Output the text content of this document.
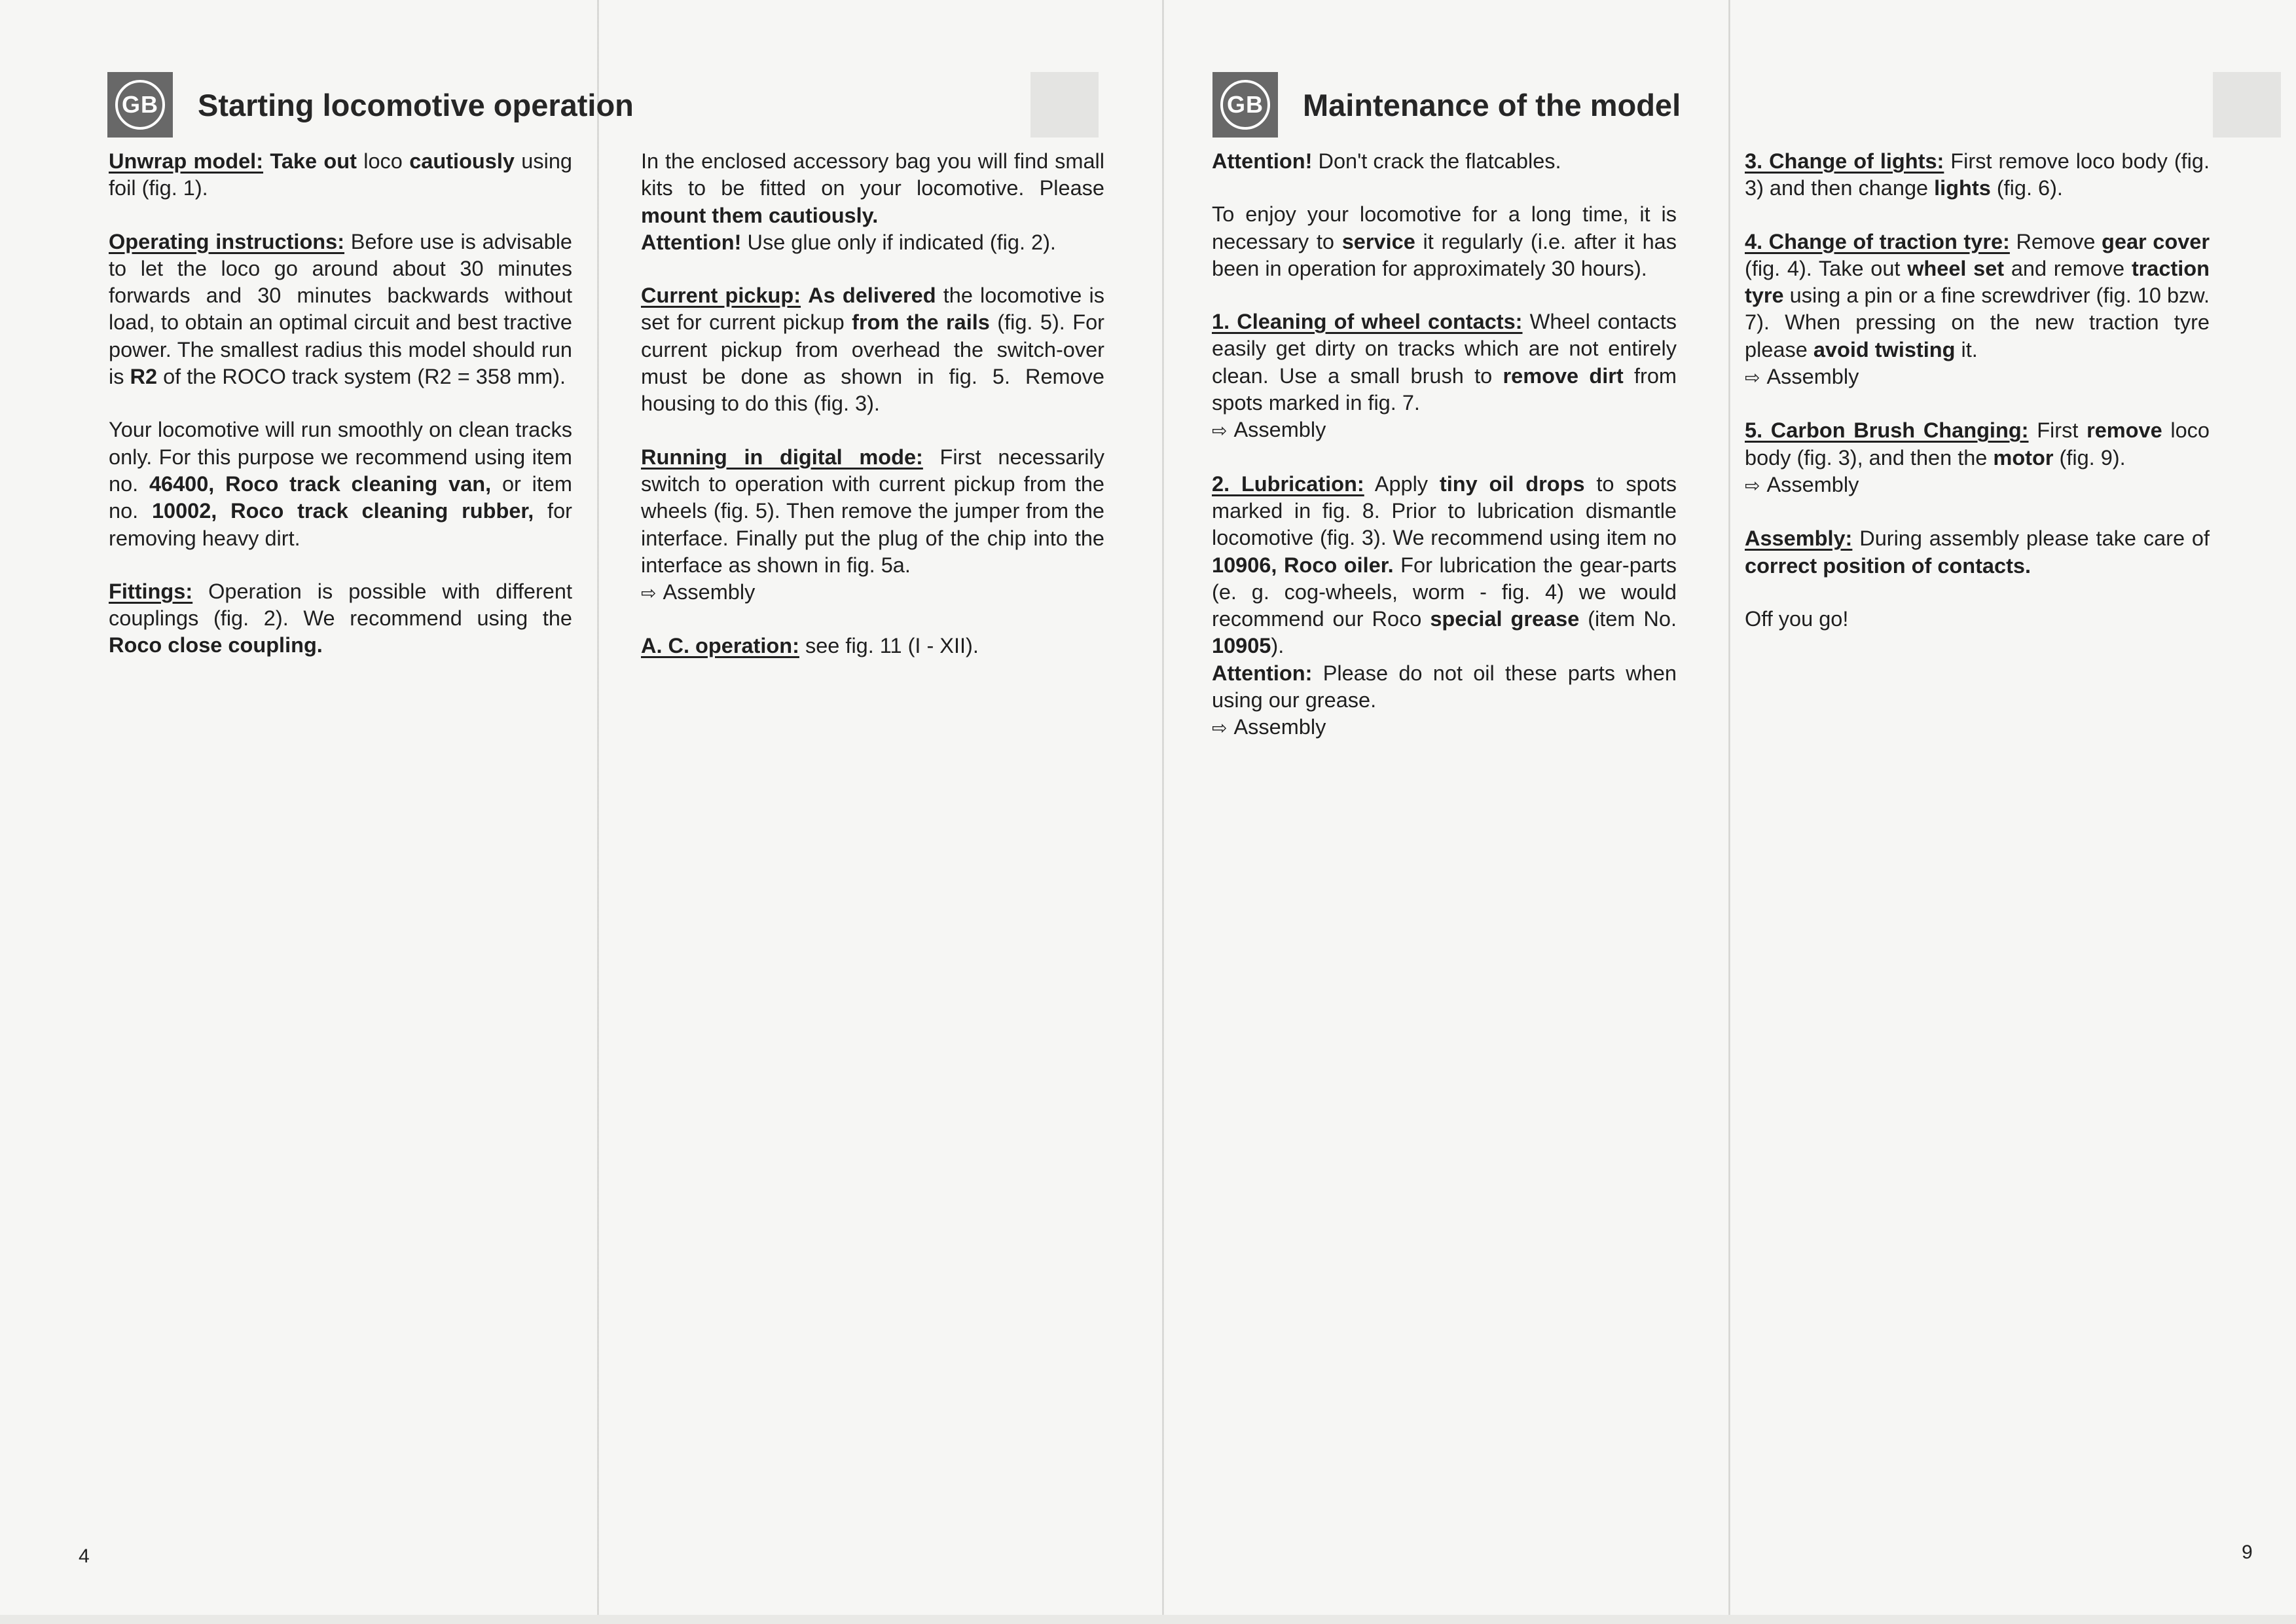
GB Starting locomotive operation

Unwrap model: Take out loco cautiously using foil (fig. 1).

Operating instructions: Before use is advisable to let the loco go around about 30 minutes forwards and 30 minutes backwards without load, to obtain an optimal circuit and best tractive power. The smallest radius this model should run is R2 of the ROCO track system (R2 = 358 mm).

Your locomotive will run smoothly on clean tracks only. For this purpose we recommend using item no. 46400, Roco track cleaning van, or item no. 10002, Roco track cleaning rubber, for removing heavy dirt.

Fittings: Operation is possible with different couplings (fig. 2). We recommend using the Roco close coupling.

In the enclosed accessory bag you will find small kits to be fitted on your locomotive. Please mount them cautiously.
Attention! Use glue only if indicated (fig. 2).

Current pickup: As delivered the locomotive is set for current pickup from the rails (fig. 5). For current pickup from overhead the switch-over must be done as shown in fig. 5. Remove housing to do this (fig. 3).

Running in digital mode: First necessarily switch to operation with current pickup from the wheels (fig. 5). Then remove the jumper from the interface. Finally put the plug of the chip into the interface as shown in fig. 5a.
⇨ Assembly

A. C. operation: see fig. 11 (I - XII).

4
GB Maintenance of the model

Attention! Don't crack the flatcables.

To enjoy your locomotive for a long time, it is necessary to service it regularly (i.e. after it has been in operation for approximately 30 hours).

1. Cleaning of wheel contacts: Wheel contacts easily get dirty on tracks which are not entirely clean. Use a small brush to remove dirt from spots marked in fig. 7.
⇨ Assembly

2. Lubrication: Apply tiny oil drops to spots marked in fig. 8. Prior to lubrication dismantle locomotive (fig. 3). We recommend using item no 10906, Roco oiler. For lubrication the gear-parts (e. g. cog-wheels, worm - fig. 4) we would recommend our Roco special grease (item No. 10905).
Attention: Please do not oil these parts when using our grease.
⇨ Assembly

3. Change of lights: First remove loco body (fig. 3) and then change lights (fig. 6).

4. Change of traction tyre: Remove gear cover (fig. 4). Take out wheel set and remove traction tyre using a pin or a fine screwdriver (fig. 10 bzw. 7). When pressing on the new traction tyre please avoid twisting it.
⇨ Assembly

5. Carbon Brush Changing: First remove loco body (fig. 3), and then the motor (fig. 9).
⇨ Assembly

Assembly: During assembly please take care of correct position of contacts.

Off you go!

9
